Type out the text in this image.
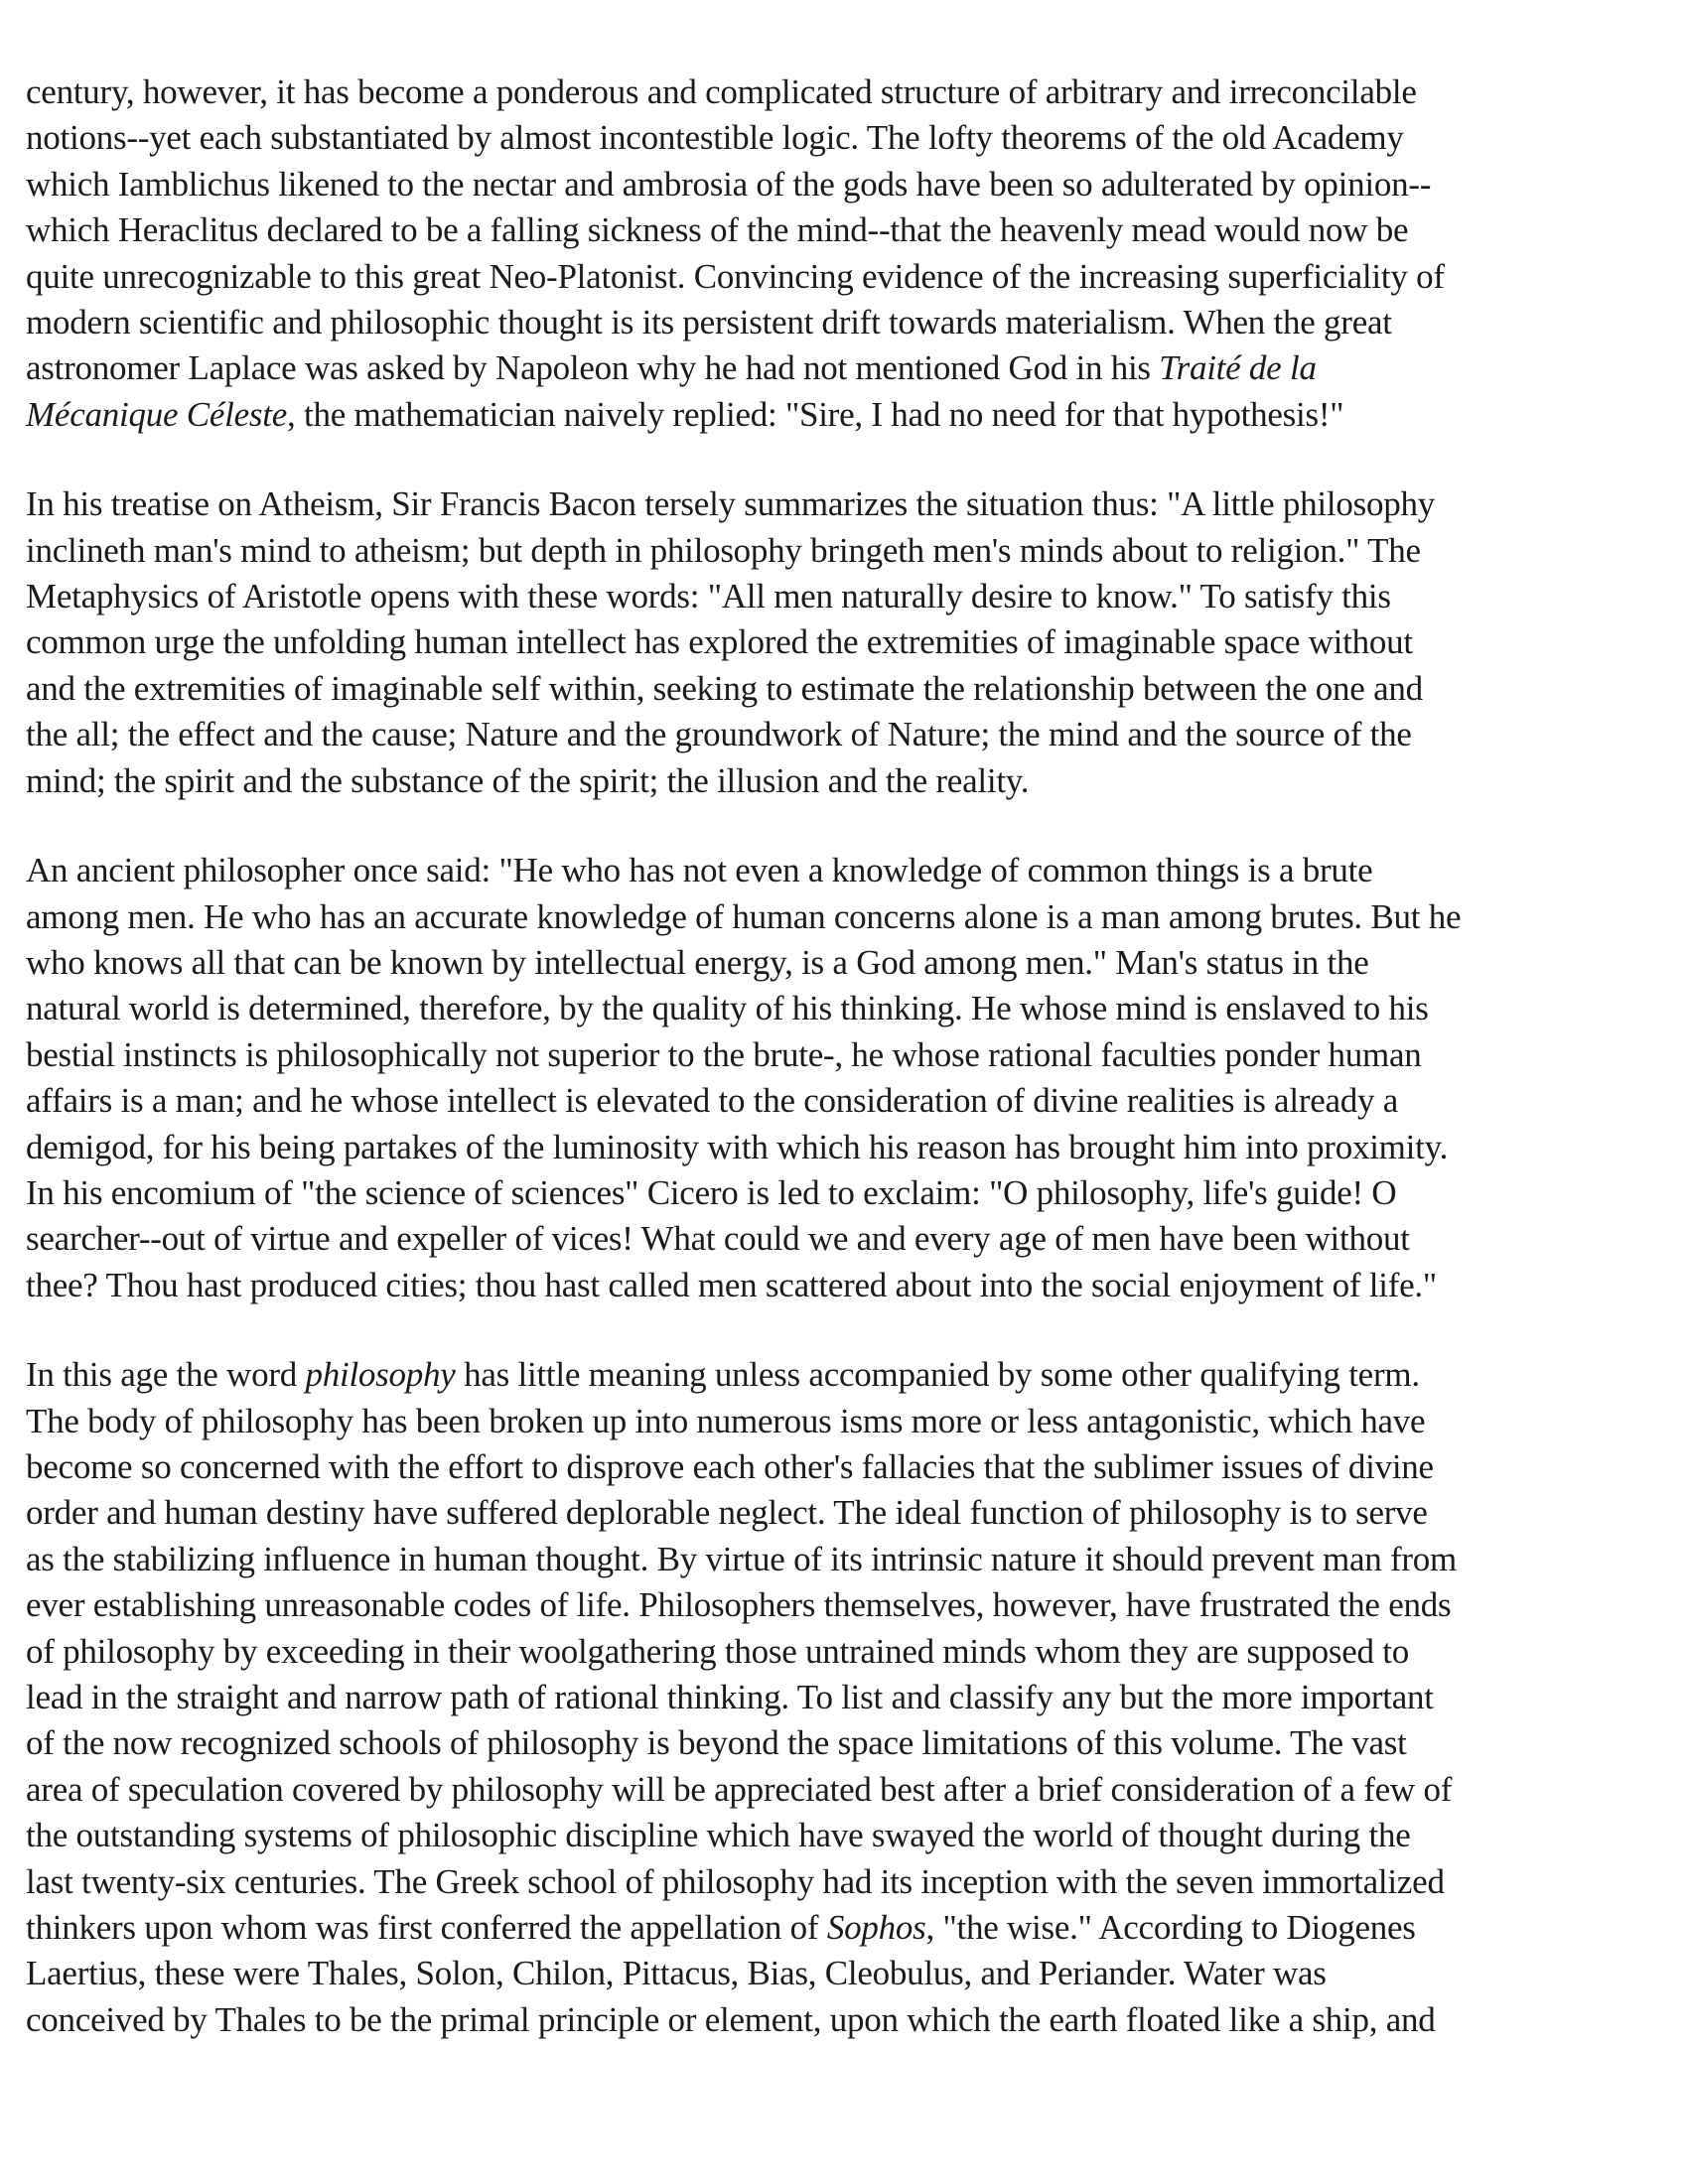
century, however, it has become a ponderous and complicated structure of arbitrary and irreconcilable
notions--yet each substantiated by almost incontestible logic. The lofty theorems of the old Academy
which Iamblichus likened to the nectar and ambrosia of the gods have been so adulterated by opinion--
which Heraclitus declared to be a falling sickness of the mind--that the heavenly mead would now be
quite unrecognizable to this great Neo-Platonist. Convincing evidence of the increasing superficiality of
modern scientific and philosophic thought is its persistent drift towards materialism. When the great
astronomer Laplace was asked by Napoleon why he had not mentioned God in his Traité de la
Mécanique Céleste, the mathematician naively replied: "Sire, I had no need for that hypothesis!"

In his treatise on Atheism, Sir Francis Bacon tersely summarizes the situation thus: "A little philosophy
inclineth man's mind to atheism; but depth in philosophy bringeth men's minds about to religion." The
Metaphysics of Aristotle opens with these words: "All men naturally desire to know." To satisfy this
common urge the unfolding human intellect has explored the extremities of imaginable space without
and the extremities of imaginable self within, seeking to estimate the relationship between the one and
the all; the effect and the cause; Nature and the groundwork of Nature; the mind and the source of the
mind; the spirit and the substance of the spirit; the illusion and the reality.

An ancient philosopher once said: "He who has not even a knowledge of common things is a brute
among men. He who has an accurate knowledge of human concerns alone is a man among brutes. But he
who knows all that can be known by intellectual energy, is a God among men." Man's status in the
natural world is determined, therefore, by the quality of his thinking. He whose mind is enslaved to his
bestial instincts is philosophically not superior to the brute-, he whose rational faculties ponder human
affairs is a man; and he whose intellect is elevated to the consideration of divine realities is already a
demigod, for his being partakes of the luminosity with which his reason has brought him into proximity.
In his encomium of "the science of sciences" Cicero is led to exclaim: "O philosophy, life's guide! O
searcher--out of virtue and expeller of vices! What could we and every age of men have been without
thee? Thou hast produced cities; thou hast called men scattered about into the social enjoyment of life."

In this age the word philosophy has little meaning unless accompanied by some other qualifying term.
The body of philosophy has been broken up into numerous isms more or less antagonistic, which have
become so concerned with the effort to disprove each other's fallacies that the sublimer issues of divine
order and human destiny have suffered deplorable neglect. The ideal function of philosophy is to serve
as the stabilizing influence in human thought. By virtue of its intrinsic nature it should prevent man from
ever establishing unreasonable codes of life. Philosophers themselves, however, have frustrated the ends
of philosophy by exceeding in their woolgathering those untrained minds whom they are supposed to
lead in the straight and narrow path of rational thinking. To list and classify any but the more important
of the now recognized schools of philosophy is beyond the space limitations of this volume. The vast
area of speculation covered by philosophy will be appreciated best after a brief consideration of a few of
the outstanding systems of philosophic discipline which have swayed the world of thought during the
last twenty-six centuries. The Greek school of philosophy had its inception with the seven immortalized
thinkers upon whom was first conferred the appellation of Sophos, "the wise." According to Diogenes
Laertius, these were Thales, Solon, Chilon, Pittacus, Bias, Cleobulus, and Periander. Water was
conceived by Thales to be the primal principle or element, upon which the earth floated like a ship, and
